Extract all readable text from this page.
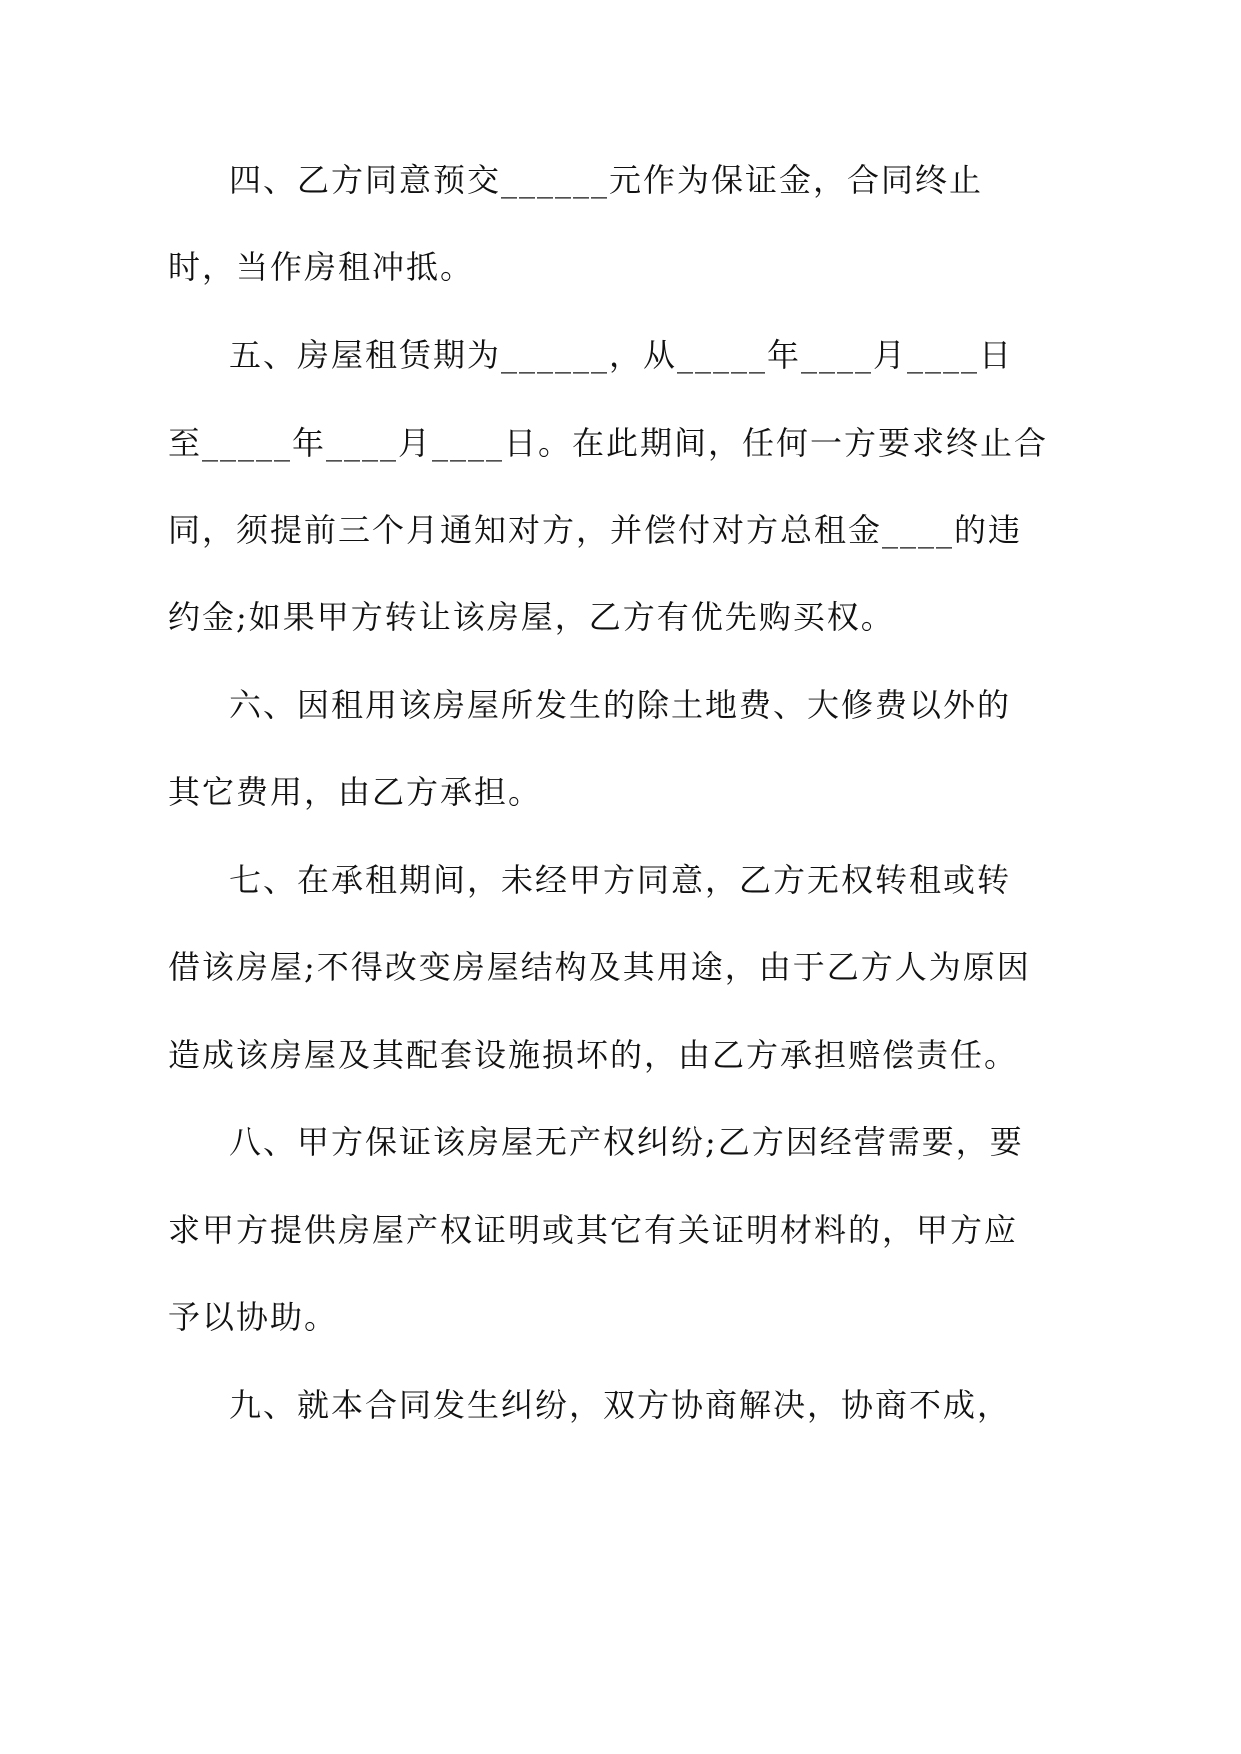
四、乙方同意预交______元作为保证金，合同终止

时，当作房租冲抵。

五、房屋租赁期为______，从_____年____月____日

至_____年____月____日。在此期间，任何一方要求终止合

同，须提前三个月通知对方，并偿付对方总租金____的违

约金;如果甲方转让该房屋，乙方有优先购买权。

六、因租用该房屋所发生的除土地费、大修费以外的

其它费用，由乙方承担。

七、在承租期间，未经甲方同意，乙方无权转租或转

借该房屋;不得改变房屋结构及其用途，由于乙方人为原因

造成该房屋及其配套设施损坏的，由乙方承担赔偿责任。

八、甲方保证该房屋无产权纠纷;乙方因经营需要，要

求甲方提供房屋产权证明或其它有关证明材料的，甲方应

予以协助。

九、就本合同发生纠纷，双方协商解决，协商不成，
